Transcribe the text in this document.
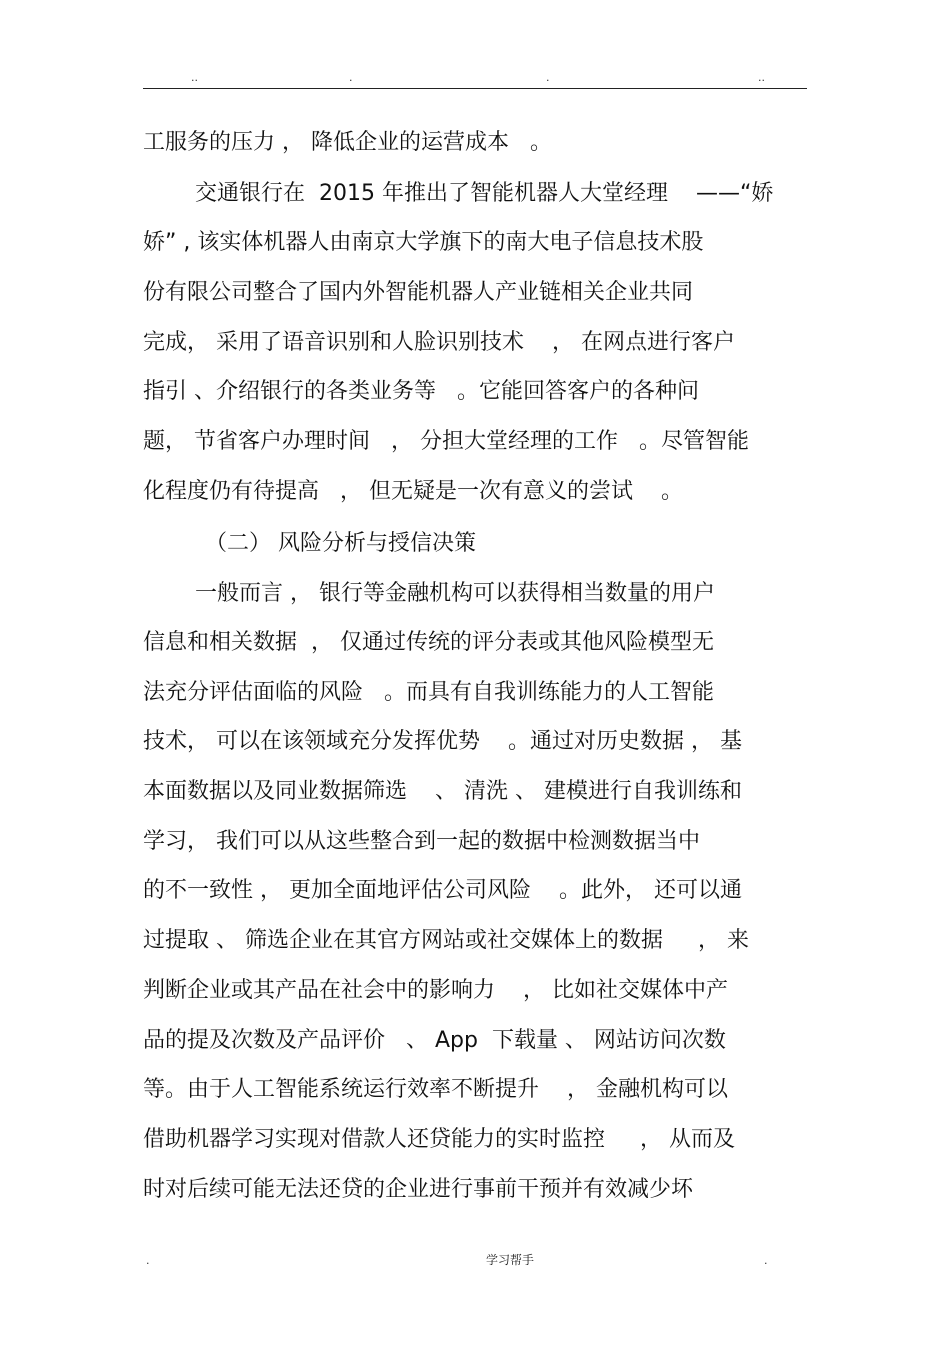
..	.	.	..
工服务的压力 ， 降低企业的运营成本   。
交通银行在  2015 年推出了智能机器人大堂经理    ——“娇
娇” , 该实体机器人由南京大学旗下的南大电子信息技术股
份有限公司整合了国内外智能机器人产业链相关企业共同
完成， 采用了语音识别和人脸识别技术    ， 在网点进行客户
指引 、介绍银行的各类业务等   。它能回答客户的各种问
题， 节省客户办理时间   ， 分担大堂经理的工作   。尽管智能
化程度仍有待提高   ， 但无疑是一次有意义的尝试    。
（二） 风险分析与授信决策
一般而言 ， 银行等金融机构可以获得相当数量的用户
信息和相关数据  ， 仅通过传统的评分表或其他风险模型无
法充分评估面临的风险   。而具有自我训练能力的人工智能
技术， 可以在该领域充分发挥优势    。通过对历史数据 ， 基
本面数据以及同业数据筛选    、 清洗 、 建模进行自我训练和
学习， 我们可以从这些整合到一起的数据中检测数据当中
的不一致性 ， 更加全面地评估公司风险    。此外， 还可以通
过提取 、 筛选企业在其官方网站或社交媒体上的数据     ， 来
判断企业或其产品在社会中的影响力    ， 比如社交媒体中产
品的提及次数及产品评价   、 App  下载量 、 网站访问次数
等。由于人工智能系统运行效率不断提升    ， 金融机构可以
借助机器学习实现对借款人还贷能力的实时监控     ， 从而及
时对后续可能无法还贷的企业进行事前干预并有效减少坏
.	学习帮手	.
